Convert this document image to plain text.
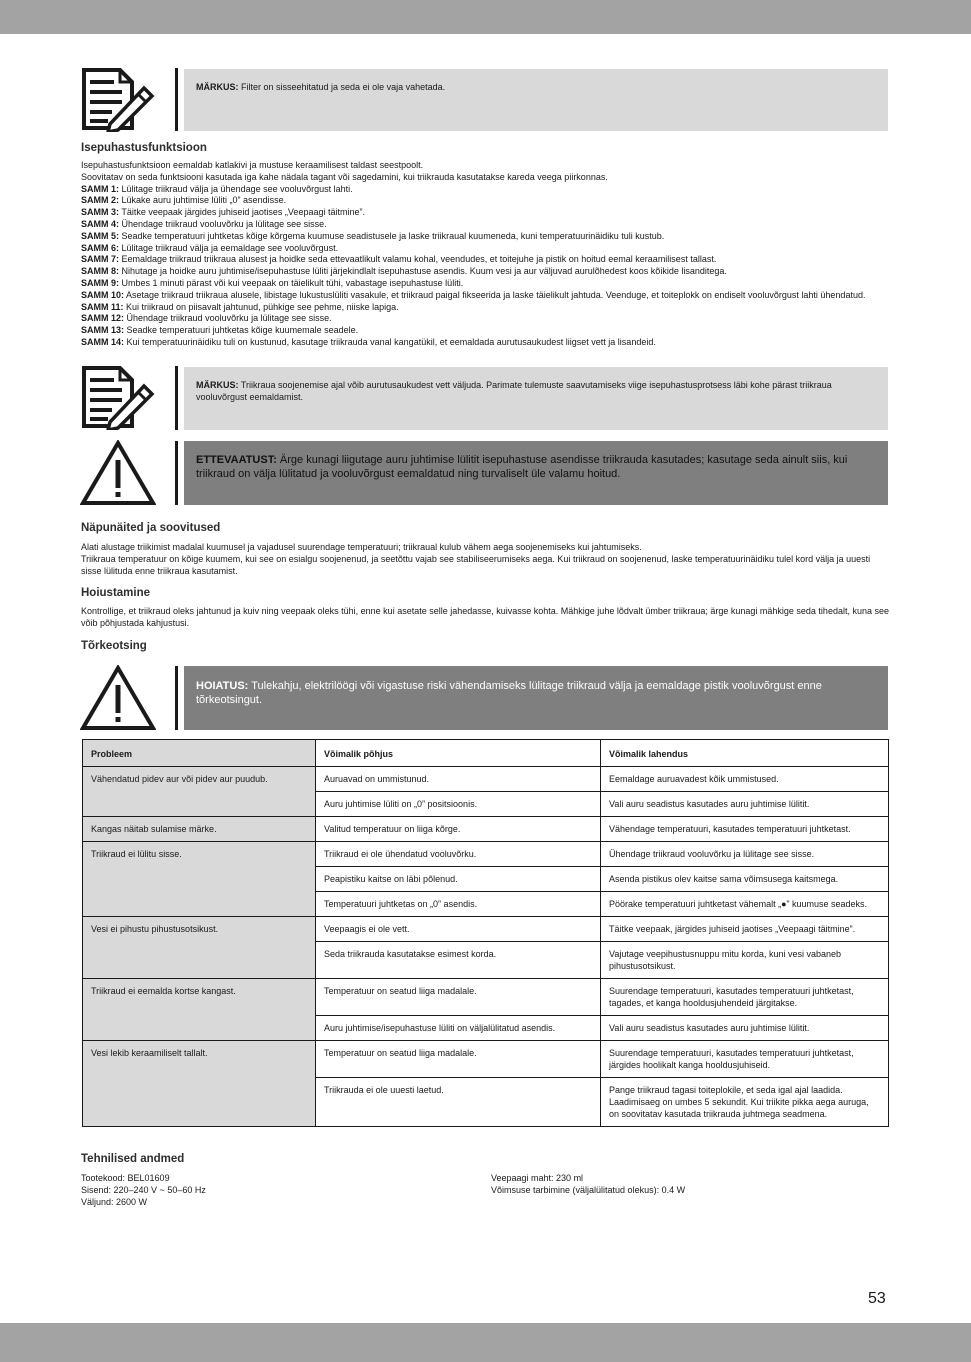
MÄRKUS: Filter on sisseehitatud ja seda ei ole vaja vahetada.
Isepuhastusfunktsioon

Isepuhastusfunktsioon eemaldab katlakivi ja mustuse keraamilisest taldast seestpoolt.

Soovitatav on seda funktsiooni kasutada iga kahe nädala tagant või sagedamini, kui triikrauda kasutatakse kareda veega piirkonnas.

SAMM 1: Lülitage triikraud välja ja ühendage see vooluvõrgust lahti.

SAMM 2: Lükake auru juhtimise lüliti „0” asendisse.

SAMM 3: Täitke veepaak järgides juhiseid jaotises „Veepaagi täitmine”.

SAMM 4: Ühendage triikraud vooluvõrku ja lülitage see sisse.

SAMM 5: Seadke temperatuuri juhtketas kõige kõrgema kuumuse seadistusele ja laske triikraual kuumeneda, kuni temperatuurinäidiku tuli kustub.

SAMM 6: Lülitage triikraud välja ja eemaldage see vooluvõrgust.

SAMM 7: Eemaldage triikraud triikraua alusest ja hoidke seda ettevaatlikult valamu kohal, veendudes, et toitejuhe ja pistik on hoitud eemal keraamilisest tallast.

SAMM 8: Nihutage ja hoidke auru juhtimise/isepuhastuse lüliti järjekindlalt isepuhastuse asendis. Kuum vesi ja aur väljuvad aurulõhedest koos kõikide lisanditega.

SAMM 9: Umbes 1 minuti pärast või kui veepaak on täielikult tühi, vabastage isepuhastuse lüliti.

SAMM 10: Asetage triikraud triikraua alusele, libistage lukustuslüliti vasakule, et triikraud paigal fikseerida ja laske täielikult jahtuda. Veenduge, et toiteplokk on endiselt vooluvõrgust lahti ühendatud.

SAMM 11: Kui triikraud on piisavalt jahtunud, pühkige see pehme, niiske lapiga.

SAMM 12: Ühendage triikraud vooluvõrku ja lülitage see sisse.

SAMM 13: Seadke temperatuuri juhtketas kõige kuumemale seadele.

SAMM 14: Kui temperatuurinäidiku tuli on kustunud, kasutage triikrauda vanal kangatükil, et eemaldada aurutusaukudest liigset vett ja lisandeid.

MÄRKUS: Triikraua soojenemise ajal võib aurutusaukudest vett väljuda. Parimate tulemuste saavutamiseks viige isepuhastusprotsess läbi kohe pärast triikraua vooluvõrgust eemaldamist.
ETTEVAATUST: Ärge kunagi liigutage auru juhtimise lülitit isepuhastuse asendisse triikrauda kasutades; kasutage seda ainult siis, kui triikraud on välja lülitatud ja vooluvõrgust eemaldatud ning turvaliselt üle valamu hoitud.
Näpunäited ja soovitused

Alati alustage triikimist madalal kuumusel ja vajadusel suurendage temperatuuri; triikraual kulub vähem aega soojenemiseks kui jahtumiseks.

Triikraua temperatuur on kõige kuumem, kui see on esialgu soojenenud, ja seetõttu vajab see stabiliseerumiseks aega. Kui triikraud on soojenenud, laske temperatuurinäidiku tulel kord välja ja uuesti sisse lülituda enne triikraua kasutamist.

Hoiustamine

Kontrollige, et triikraud oleks jahtunud ja kuiv ning veepaak oleks tühi, enne kui asetate selle jahedasse, kuivasse kohta. Mähkige juhe lõdvalt ümber triikraua; ärge kunagi mähkige seda tihedalt, kuna see võib põhjustada kahjustusi.

Tõrkeotsing
HOIATUS: Tulekahju, elektrilöögi või vigastuse riski vähendamiseks lülitage triikraud välja ja eemaldage pistik vooluvõrgust enne tõrkeotsingut.
Probleem	Võimalik põhjus	Võimalik lahendus
Vähendatud pidev aur või pidev aur puudub.	Auruavad on ummistunud.	Eemaldage auruavadest kõik ummistused.
	Auru juhtimise lüliti on „0” positsioonis.	Vali auru seadistus kasutades auru juhtimise lülitit.
Kangas näitab sulamise märke.	Valitud temperatuur on liiga kõrge.	Vähendage temperatuuri, kasutades temperatuuri juhtketast.
Triikraud ei lülitu sisse.	Triikraud ei ole ühendatud vooluvõrku.	Ühendage triikraud vooluvõrku ja lülitage see sisse.
	Peapistiku kaitse on läbi põlenud.	Asenda pistikus olev kaitse sama võimsusega kaitsmega.
	Temperatuuri juhtketas on „0” asendis.	Pöörake temperatuuri juhtketast vähemalt „●” kuumuse seadeks.
Vesi ei pihustu pihustusotsikust.	Veepaagis ei ole vett.	Täitke veepaak, järgides juhiseid jaotises „Veepaagi täitmine”.
	Seda triikrauda kasutatakse esimest korda.	Vajutage veepihustusnuppu mitu korda, kuni vesi vabaneb pihustusotsikust.
Triikraud ei eemalda kortse kangast.	Temperatuur on seatud liiga madalale.	Suurendage temperatuuri, kasutades temperatuuri juhtketast, tagades, et kanga hooldusjuhendeid järgitakse.
	Auru juhtimise/isepuhastuse lüliti on väljalülitatud asendis.	Vali auru seadistus kasutades auru juhtimise lülitit.
Vesi lekib keraamiliselt tallalt.	Temperatuur on seatud liiga madalale.	Suurendage temperatuuri, kasutades temperatuuri juhtketast, järgides hoolikalt kanga hooldusjuhiseid.
	Triikrauda ei ole uuesti laetud.	Pange triikraud tagasi toiteplokile, et seda igal ajal laadida. Laadimisaeg on umbes 5 sekundit. Kui triikite pikka aega auruga, on soovitatav kasutada triikrauda juhtmega seadmena.
Tehnilised andmed
Tootekood: BEL01609
Sisend: 220–240 V ~ 50–60 Hz
Väljund: 2600 W
Veepaagi maht: 230 ml
Võimsuse tarbimine (väljalülitatud olekus): 0.4 W
53
